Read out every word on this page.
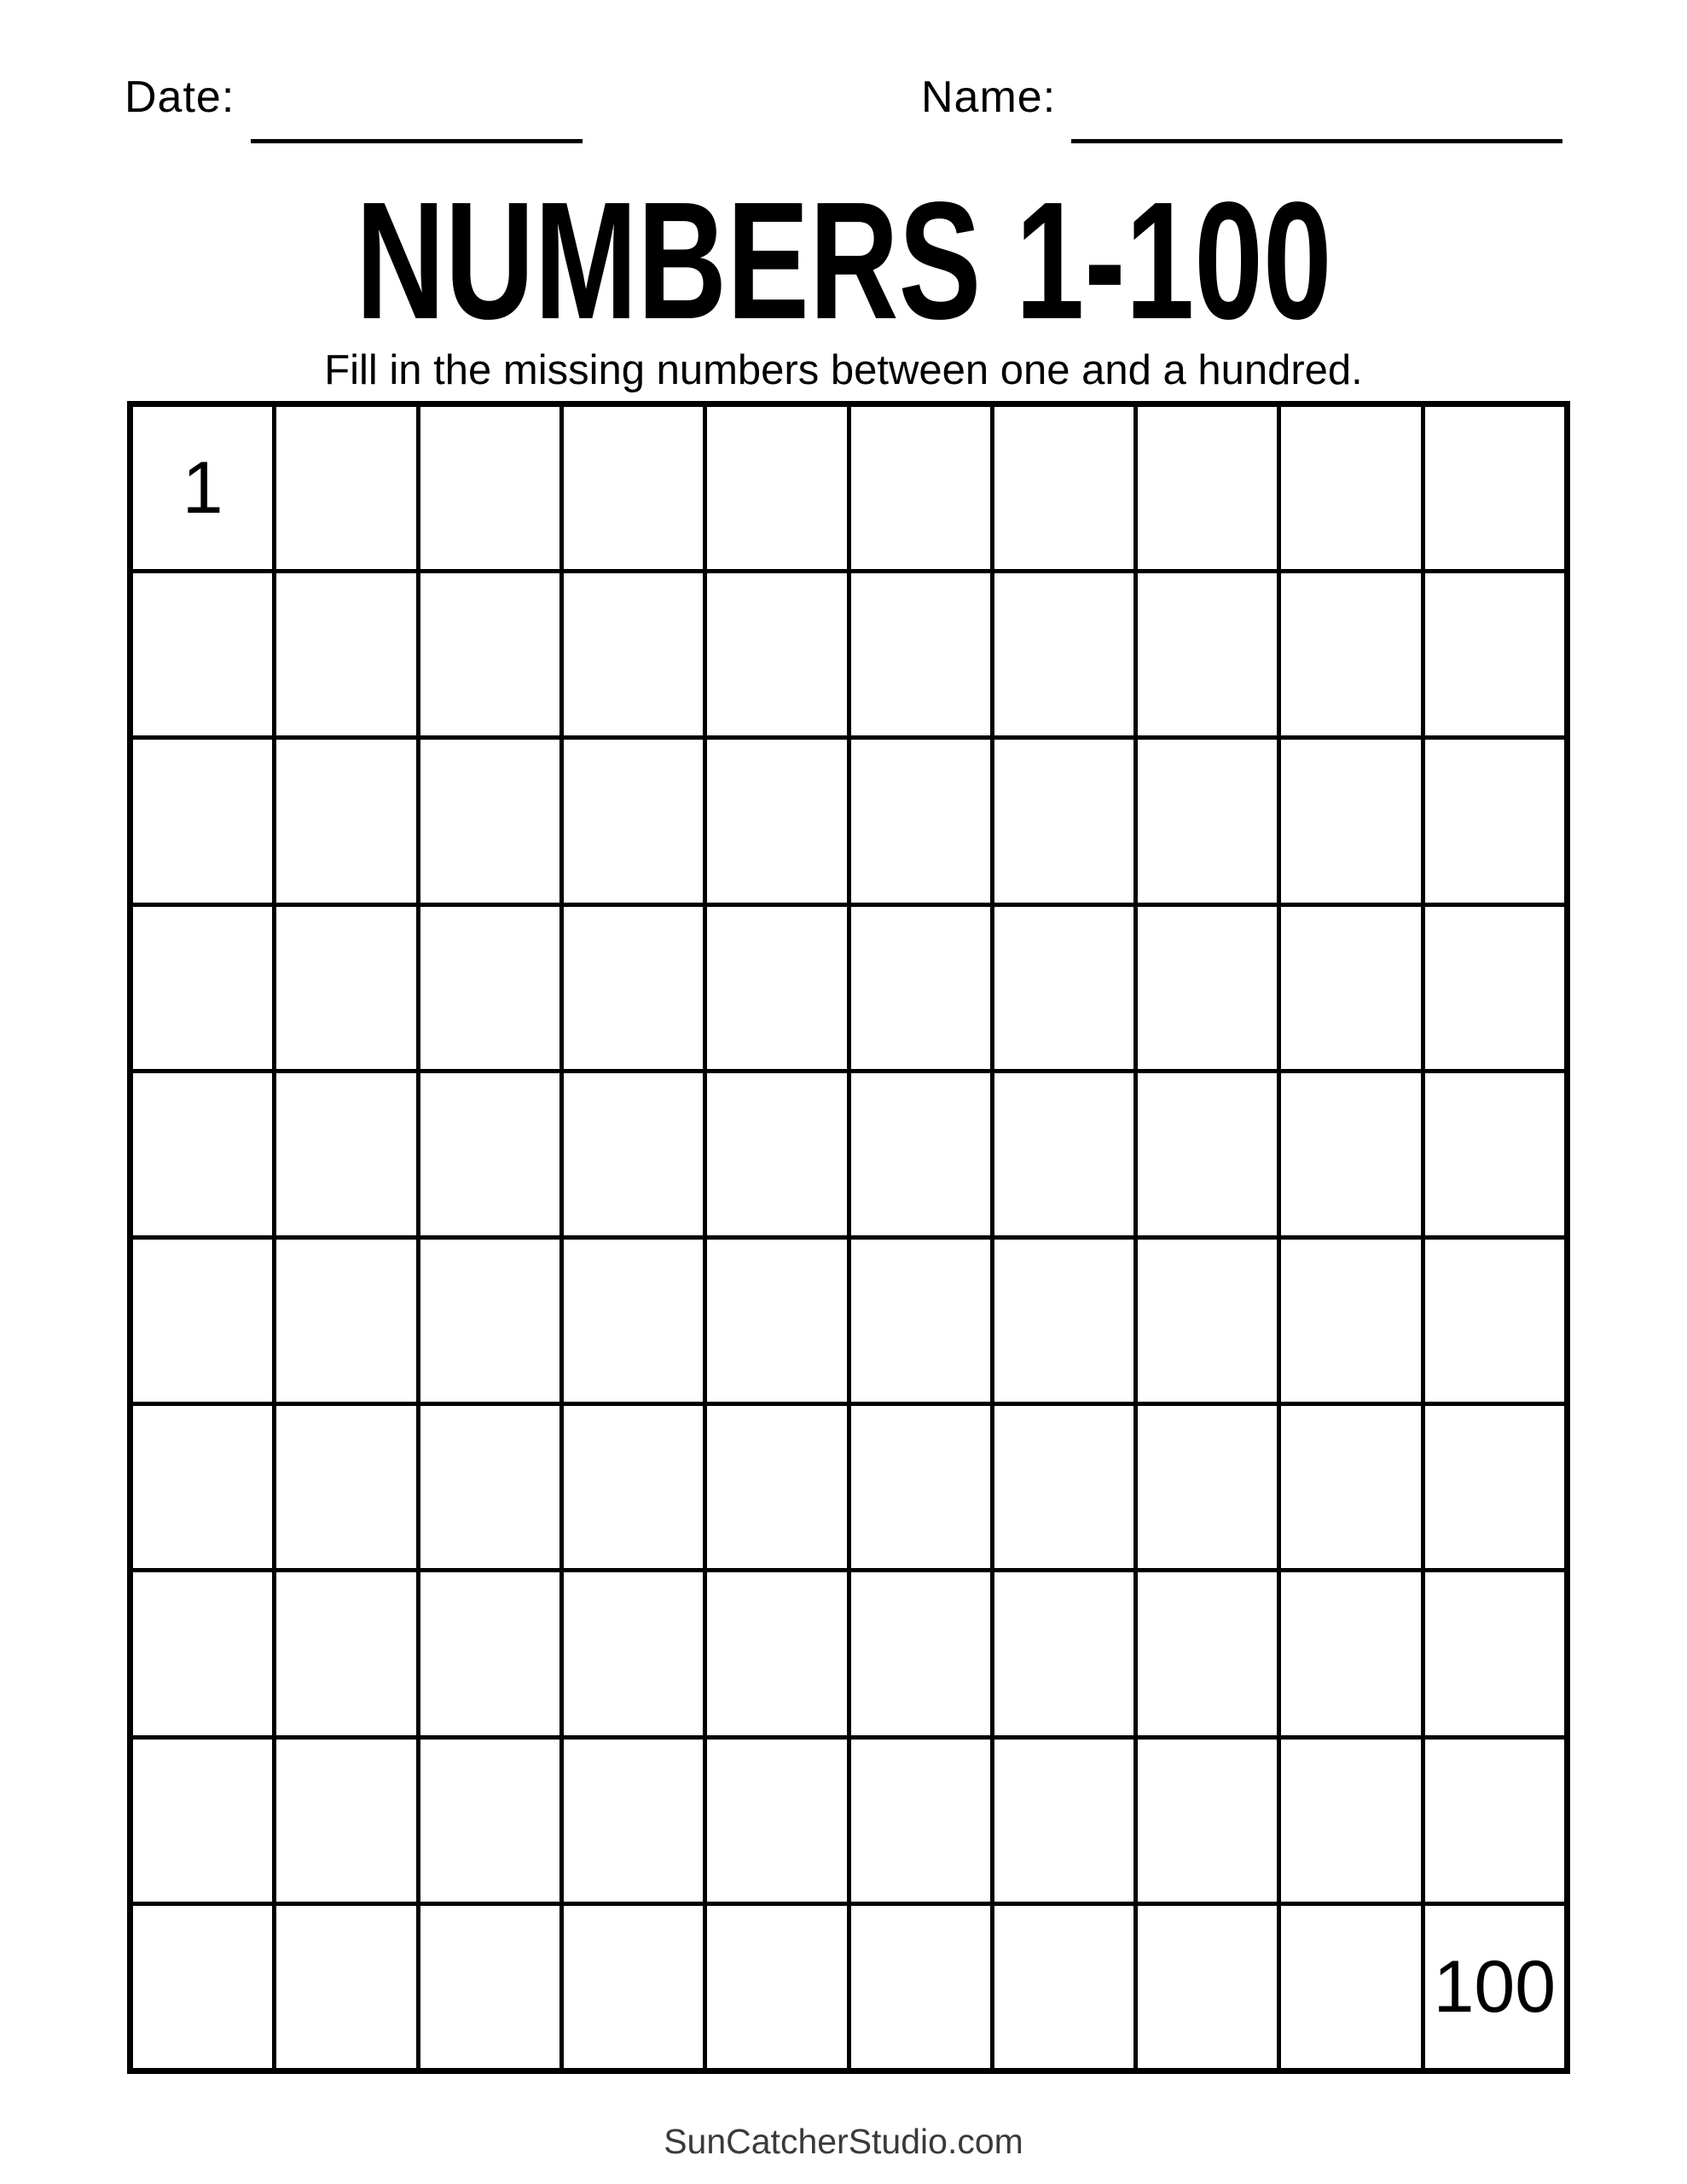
Date:	Name:
NUMBERS 1-100

Fill in the missing numbers between one and a hundred.

1
100
SunCatcherStudio.com
